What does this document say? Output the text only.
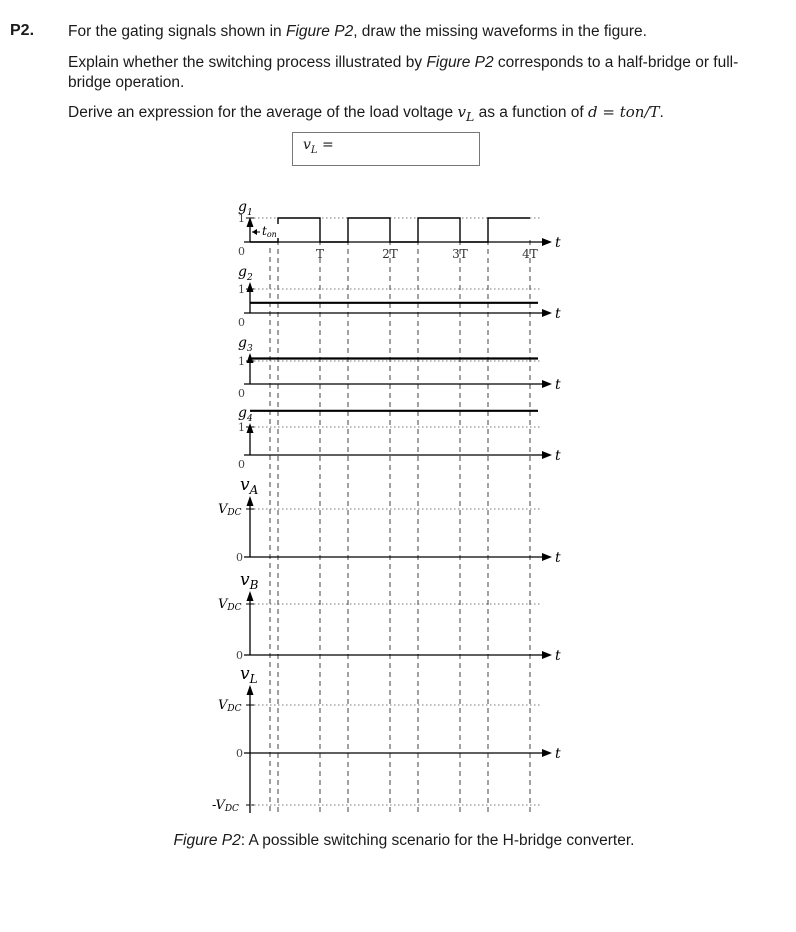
P2. For the gating signals shown in Figure P2, draw the missing waveforms in the figure.
Explain whether the switching process illustrated by Figure P2 corresponds to a half-bridge or full-bridge operation.
Derive an expression for the average of the load voltage $v_L$ as a function of d = ton/T.
$v_L$ =
t
$g_1$
1
0
t
$g_2$
1
0
t
$g_3$
1
0
t
$g_4$
1
0
t
$v_A$
VDC
0
t
$v_B$
VDC
0
t
$v_L$
VDC
0
-VDC
ton
T	2T	3T	4T
Figure P2: A possible switching scenario for the H-bridge converter.
